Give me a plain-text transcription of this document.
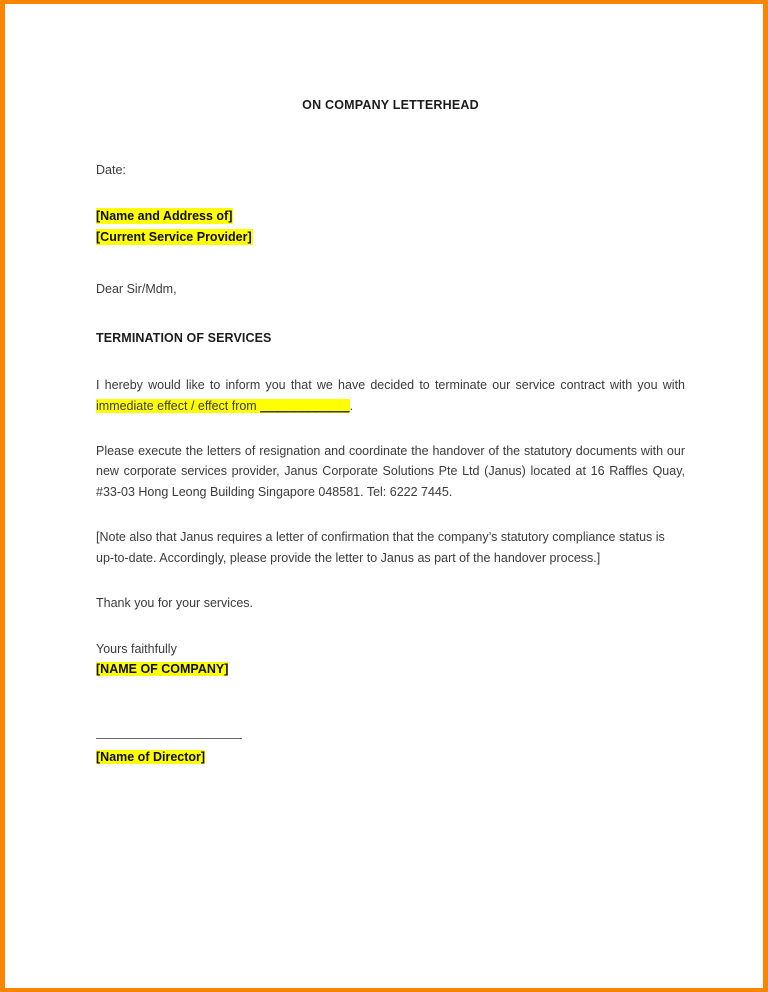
ON COMPANY LETTERHEAD
Date:
[Name and Address of]
[Current Service Provider]
Dear Sir/Mdm,
TERMINATION OF SERVICES

I hereby would like to inform you that we have decided to terminate our service contract with you with immediate effect / effect from ____________.

Please execute the letters of resignation and coordinate the handover of the statutory documents with our new corporate services provider, Janus Corporate Solutions Pte Ltd (Janus) located at 16 Raffles Quay, #33-03 Hong Leong Building Singapore 048581. Tel: 6222 7445.

[Note also that Janus requires a letter of confirmation that the company’s statutory compliance status is up-to-date. Accordingly, please provide the letter to Janus as part of the handover process.]

Thank you for your services.

Yours faithfully
[NAME OF COMPANY]

[Name of Director]
